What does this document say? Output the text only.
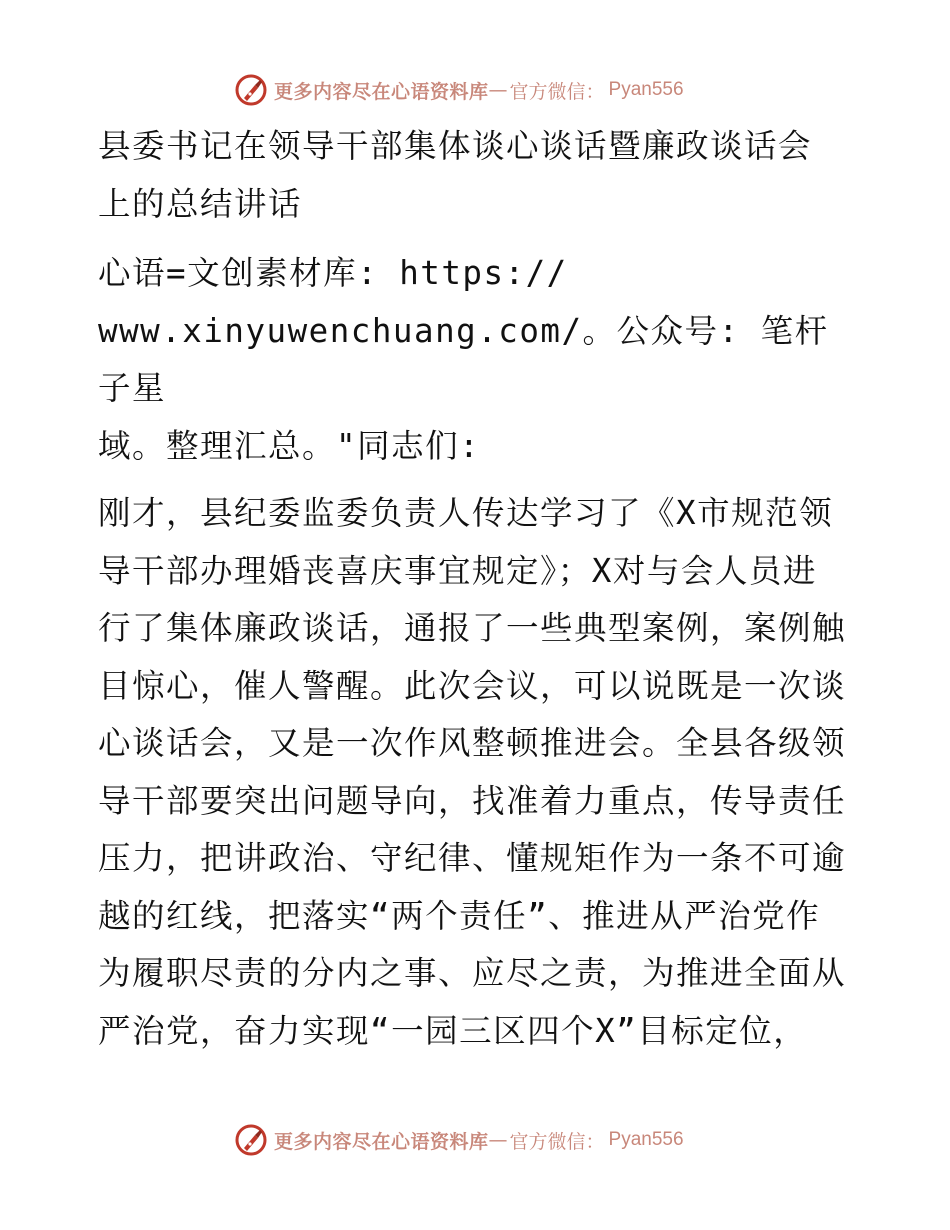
更多内容尽在心语资料库 — 官方微信： Pyan556

县委书记在领导干部集体谈心谈话暨廉政谈话会

上的总结讲话

心语=文创素材库: https://

www.xinyuwenchuang.com/。公众号: 笔杆子星

域。整理汇总。"同志们:

刚才，县纪委监委负责人传达学习了《X市规范领

导干部办理婚丧喜庆事宜规定》；X对与会人员进

行了集体廉政谈话，通报了一些典型案例，案例触

目惊心，催人警醒。此次会议，可以说既是一次谈

心谈话会，又是一次作风整顿推进会。全县各级领

导干部要突出问题导向，找准着力重点，传导责任

压力，把讲政治、守纪律、懂规矩作为一条不可逾

越的红线，把落实“两个责任”、推进从严治党作

为履职尽责的分内之事、应尽之责，为推进全面从

严治党，奋力实现“一园三区四个X”目标定位，

更多内容尽在心语资料库 — 官方微信： Pyan556
